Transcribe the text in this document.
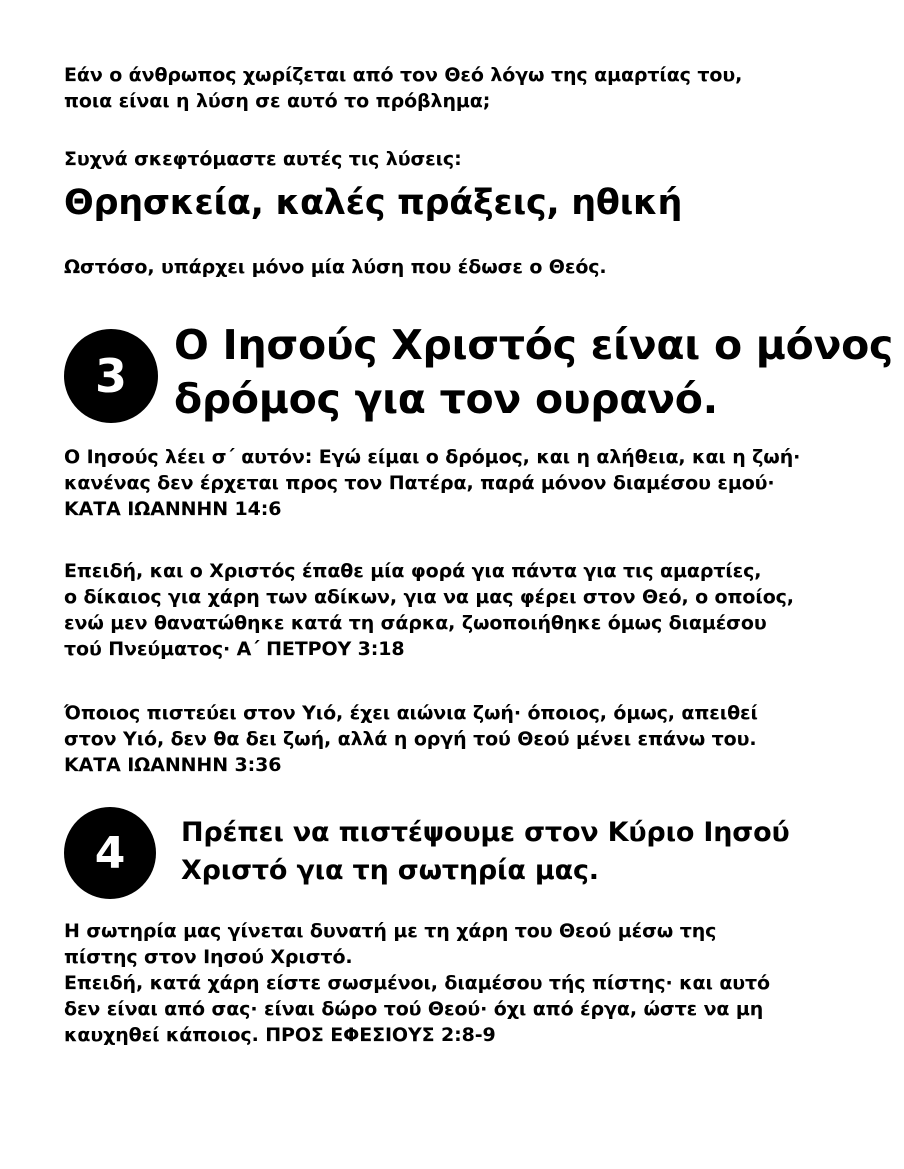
Εάν ο άνθρωπος χωρίζεται από τον Θεό λόγω της αμαρτίας του,
ποια είναι η λύση σε αυτό το πρόβλημα;
Συχνά σκεφτόμαστε αυτές τις λύσεις:
Θρησκεία, καλές πράξεις, ηθική
Ωστόσο, υπάρχει μόνο μία λύση που έδωσε ο Θεός.
3
Ο Ιησούς Χριστός είναι ο μόνος
δρόμος για τον ουρανό.
Ο Ιησούς λέει σ΄ αυτόν: Εγώ είμαι ο δρόμος, και η αλήθεια, και η ζωή·
κανένας δεν έρχεται προς τον Πατέρα, παρά μόνον διαμέσου εμού·
ΚΑΤΑ ΙΩΑΝΝΗΝ 14:6
Επειδή, και ο Χριστός έπαθε μία φορά για πάντα για τις αμαρτίες,
ο δίκαιος για χάρη των αδίκων, για να μας φέρει στον Θεό, ο οποίος,
ενώ μεν θανατώθηκε κατά τη σάρκα, ζωοποιήθηκε όμως διαμέσου
τού Πνεύματος· Α΄ ΠΕΤΡΟΥ 3:18
Όποιος πιστεύει στον Υιό, έχει αιώνια ζωή· όποιος, όμως, απειθεί
στον Υιό, δεν θα δει ζωή, αλλά η οργή τού Θεού μένει επάνω του.
ΚΑΤΑ ΙΩΑΝΝΗΝ 3:36
4 Πρέπει να πιστέψουμε στον Κύριο Ιησού
Χριστό για τη σωτηρία μας.
Η σωτηρία μας γίνεται δυνατή με τη χάρη του Θεού μέσω της
πίστης στον Ιησού Χριστό.
Επειδή, κατά χάρη είστε σωσμένοι, διαμέσου τής πίστης· και αυτό
δεν είναι από σας· είναι δώρο τού Θεού· όχι από έργα, ώστε να μη
καυχηθεί κάποιος. ΠΡΟΣ ΕΦΕΣΙΟΥΣ 2:8-9
